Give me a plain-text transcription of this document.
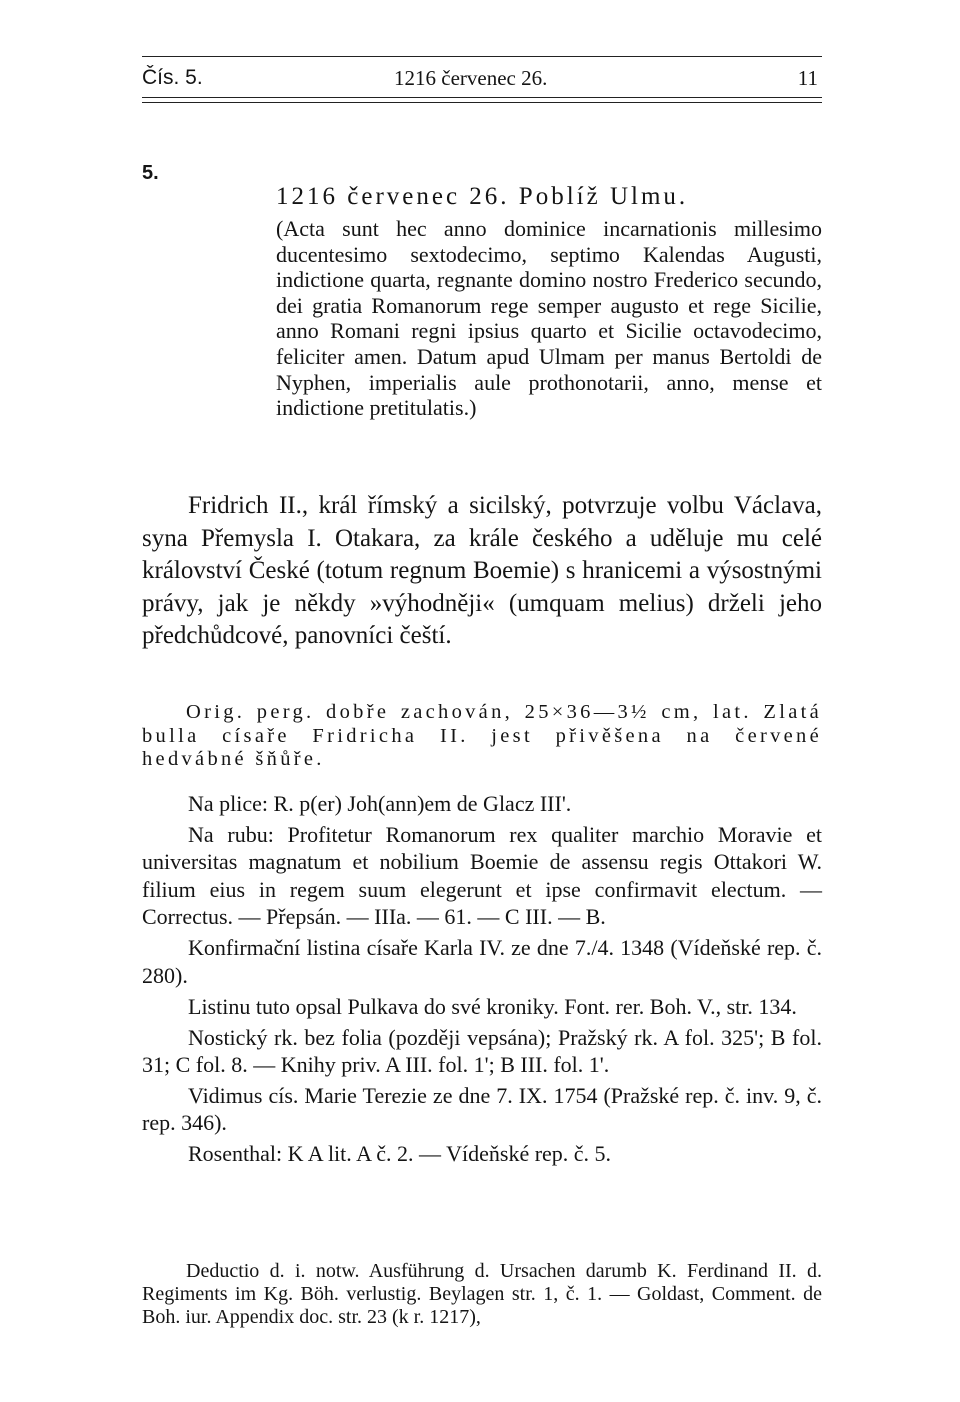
Čís. 5.	1216 červenec 26.	11
5.
1216 červenec 26. Poblíž Ulmu.
(Acta sunt hec anno dominice incarnationis millesimo ducentesimo sextodecimo, septimo Kalendas Augusti, indictione quarta, regnante domino nostro Frederico secundo, dei gratia Romanorum rege semper augusto et rege Sicilie, anno Romani regni ipsius quarto et Sicilie octavodecimo, feliciter amen. Datum apud Ulmam per manus Bertoldi de Nyphen, imperialis aule prothonotarii, anno, mense et indictione pretitulatis.)
Fridrich II., král římský a sicilský, potvrzuje volbu Václava, syna Přemysla I. Otakara, za krále českého a uděluje mu celé království České (totum regnum Boemie) s hranicemi a výsostnými právy, jak je někdy »výhodněji« (umquam melius) drželi jeho předchůdcové, panovníci čeští.
Orig. perg. dobře zachován, 25×36—3½ cm, lat. Zlatá bulla císaře Fridricha II. jest přivěšena na červené hedvábné šňůře.

Na plice: R. p(er) Joh(ann)em de Glacz III'.

Na rubu: Profitetur Romanorum rex qualiter marchio Moravie et universitas magnatum et nobilium Boemie de assensu regis Ottakori W. filium eius in regem suum elegerunt et ipse confirmavit electum. — Correctus. — Přepsán. — IIIa. — 61. — C III. — B.

Konfirmační listina císaře Karla IV. ze dne 7./4. 1348 (Vídeňské rep. č. 280).

Listinu tuto opsal Pulkava do své kroniky. Font. rer. Boh. V., str. 134.

Nostický rk. bez folia (později vepsána); Pražský rk. A fol. 325'; B fol. 31; C fol. 8. — Knihy priv. A III. fol. 1'; B III. fol. 1'.

Vidimus cís. Marie Terezie ze dne 7. IX. 1754 (Pražské rep. č. inv. 9, č. rep. 346).

Rosenthal: K A lit. A č. 2. — Vídeňské rep. č. 5.

Deductio d. i. notw. Ausführung d. Ursachen darumb K. Ferdinand II. d. Regiments im Kg. Böh. verlustig. Beylagen str. 1, č. 1. — Goldast, Comment. de Boh. iur. Appendix doc. str. 23 (k r. 1217),
